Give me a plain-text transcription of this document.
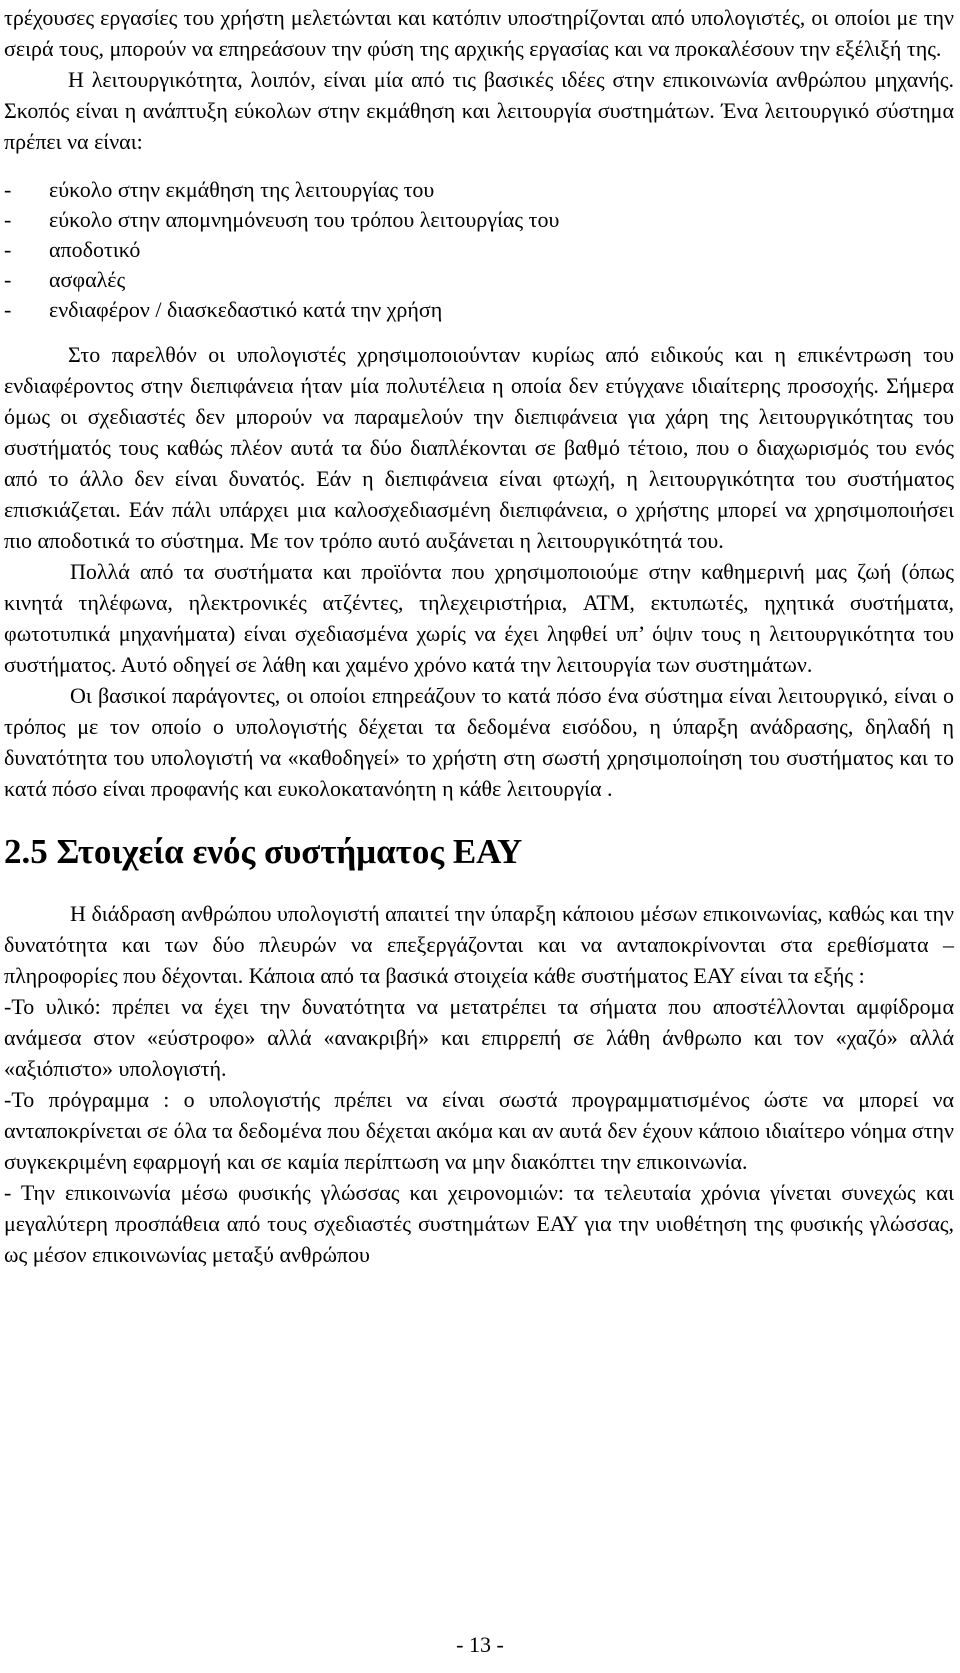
τρέχουσες εργασίες του χρήστη μελετώνται και κατόπιν υποστηρίζονται από υπολογιστές, οι οποίοι με την σειρά τους, μπορούν να επηρεάσουν την φύση της αρχικής εργασίας και να προκαλέσουν την εξέλιξή της.

Η λειτουργικότητα, λοιπόν, είναι μία από τις βασικές ιδέες στην επικοινωνία ανθρώπου μηχανής. Σκοπός είναι η ανάπτυξη εύκολων στην εκμάθηση και λειτουργία συστημάτων. Ένα λειτουργικό σύστημα πρέπει να είναι:

- εύκολο στην εκμάθηση της λειτουργίας του
- εύκολο στην απομνημόνευση του τρόπου λειτουργίας του
- αποδοτικό
- ασφαλές
- ενδιαφέρον / διασκεδαστικό κατά την χρήση

Στο παρελθόν οι υπολογιστές χρησιμοποιούνταν κυρίως από ειδικούς και η επικέντρωση του ενδιαφέροντος στην διεπιφάνεια ήταν μία πολυτέλεια η οποία δεν ετύγχανε ιδιαίτερης προσοχής. Σήμερα όμως οι σχεδιαστές δεν μπορούν να παραμελούν την διεπιφάνεια για χάρη της λειτουργικότητας του συστήματός τους καθώς πλέον αυτά τα δύο διαπλέκονται σε βαθμό τέτοιο, που ο διαχωρισμός του ενός από το άλλο δεν είναι δυνατός. Εάν η διεπιφάνεια είναι φτωχή, η λειτουργικότητα του συστήματος επισκιάζεται. Εάν πάλι υπάρχει μια καλοσχεδιασμένη διεπιφάνεια, ο χρήστης μπορεί να χρησιμοποιήσει πιο αποδοτικά το σύστημα. Με τον τρόπο αυτό αυξάνεται η λειτουργικότητά του.

Πολλά από τα συστήματα και προϊόντα που χρησιμοποιούμε στην καθημερινή μας ζωή (όπως κινητά τηλέφωνα, ηλεκτρονικές ατζέντες, τηλεχειριστήρια, ATM, εκτυπωτές, ηχητικά συστήματα, φωτοτυπικά μηχανήματα) είναι σχεδιασμένα χωρίς να έχει ληφθεί υπ’ όψιν τους η λειτουργικότητα του συστήματος. Αυτό οδηγεί σε λάθη και χαμένο χρόνο κατά την λειτουργία των συστημάτων.

Οι βασικοί παράγοντες, οι οποίοι επηρεάζουν το κατά πόσο ένα σύστημα είναι λειτουργικό, είναι ο τρόπος με τον οποίο ο υπολογιστής δέχεται τα δεδομένα εισόδου, η ύπαρξη ανάδρασης, δηλαδή η δυνατότητα του υπολογιστή να «καθοδηγεί» το χρήστη στη σωστή χρησιμοποίηση του συστήματος και το κατά πόσο είναι προφανής και ευκολοκατανόητη η κάθε λειτουργία .

2.5 Στοιχεία ενός συστήματος ΕΑΥ

Η διάδραση ανθρώπου υπολογιστή απαιτεί την ύπαρξη κάποιου μέσων επικοινωνίας, καθώς και την δυνατότητα και των δύο πλευρών να επεξεργάζονται και να ανταποκρίνονται στα ερεθίσματα – πληροφορίες που δέχονται. Κάποια από τα βασικά στοιχεία κάθε συστήματος ΕΑΥ είναι τα εξής :

-Το υλικό: πρέπει να έχει την δυνατότητα να μετατρέπει τα σήματα που αποστέλλονται αμφίδρομα ανάμεσα στον «εύστροφο» αλλά «ανακριβή» και επιρρεπή σε λάθη άνθρωπο και τον «χαζό» αλλά «αξιόπιστο» υπολογιστή.

-Το πρόγραμμα : ο υπολογιστής πρέπει να είναι σωστά προγραμματισμένος ώστε να μπορεί να ανταποκρίνεται σε όλα τα δεδομένα που δέχεται ακόμα και αν αυτά δεν έχουν κάποιο ιδιαίτερο νόημα στην συγκεκριμένη εφαρμογή και σε καμία περίπτωση να μην διακόπτει την επικοινωνία.

- Την επικοινωνία μέσω φυσικής γλώσσας και χειρονομιών: τα τελευταία χρόνια γίνεται συνεχώς και μεγαλύτερη προσπάθεια από τους σχεδιαστές συστημάτων ΕΑΥ για την υιοθέτηση της φυσικής γλώσσας, ως μέσον επικοινωνίας μεταξύ ανθρώπου

- 13 -
